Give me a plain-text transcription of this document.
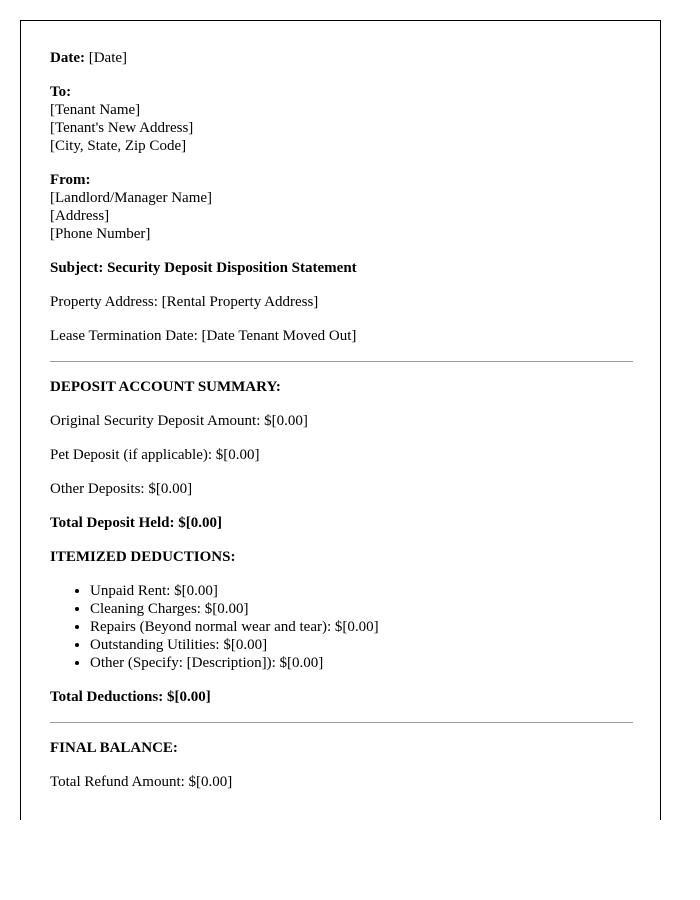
Date: [Date]

To:

[Tenant Name]

[Tenant's New Address]

[City, State, Zip Code]

From:

[Landlord/Manager Name]

[Address]

[Phone Number]

Subject: Security Deposit Disposition Statement

Property Address: [Rental Property Address]

Lease Termination Date: [Date Tenant Moved Out]

DEPOSIT ACCOUNT SUMMARY:

Original Security Deposit Amount: $[0.00]

Pet Deposit (if applicable): $[0.00]

Other Deposits: $[0.00]

Total Deposit Held: $[0.00]

ITEMIZED DEDUCTIONS:

• Unpaid Rent: $[0.00]
• Cleaning Charges: $[0.00]
• Repairs (Beyond normal wear and tear): $[0.00]
• Outstanding Utilities: $[0.00]
• Other (Specify: [Description]): $[0.00]

Total Deductions: $[0.00]

FINAL BALANCE:

Total Refund Amount: $[0.00]
